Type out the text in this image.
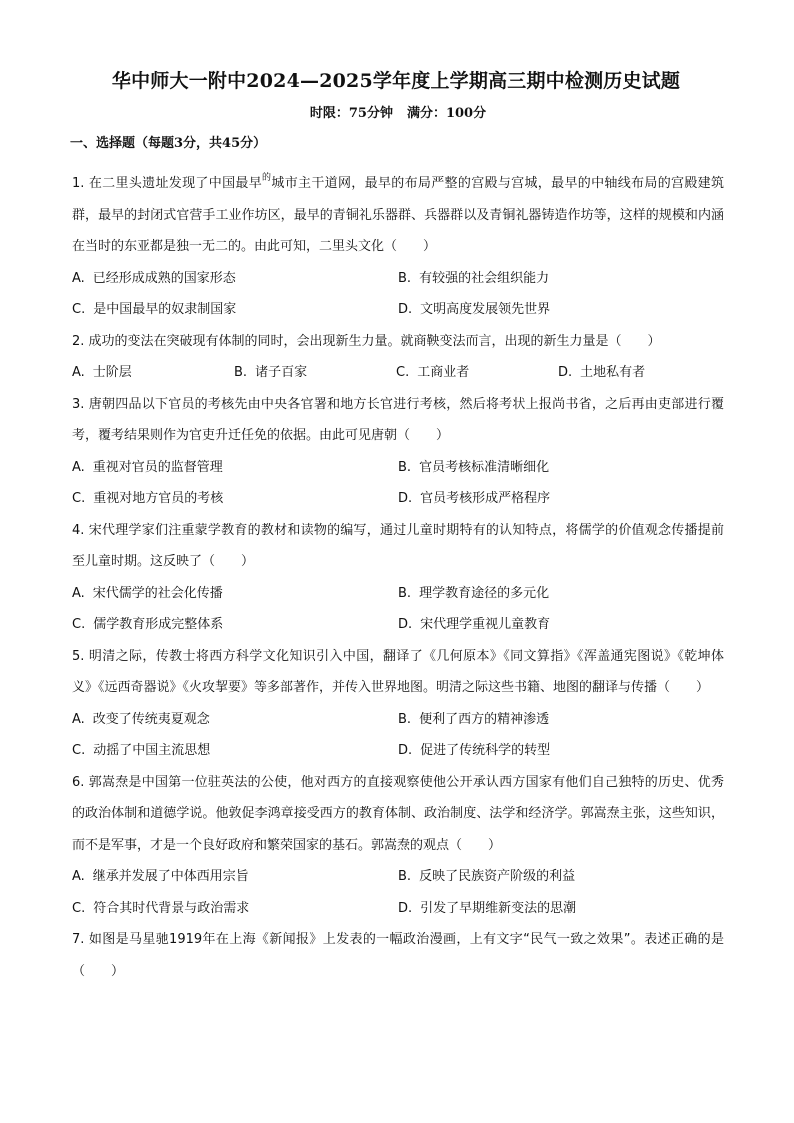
华中师大一附中2024—2025学年度上学期高三期中检测历史试题
时限：75分钟 满分：100分
一、选择题（每题3分，共45分）

1. 在二里头遗址发现了中国最早$^的$城市主干道网，最早的布局严整的宫殿与宫城，最早的中轴线布局的宫殿建筑群，最早的封闭式官营手工业作坊区，最早的青铜礼乐器群、兵器群以及青铜礼器铸造作坊等，这样的规模和内涵在当时的东亚都是独一无二的。由此可知，二里头文化（　　）

A. 已经形成成熟的国家形态	B. 有较强的社会组织能力
C. 是中国最早的奴隶制国家	D. 文明高度发展领先世界

2. 成功的变法在突破现有体制的同时，会出现新生力量。就商鞅变法而言，出现的新生力量是（　　）

A. 士阶层	B. 诸子百家	C. 工商业者	D. 土地私有者

3. 唐朝四品以下官员的考核先由中央各官署和地方长官进行考核，然后将考状上报尚书省，之后再由吏部进行覆考，覆考结果则作为官吏升迁任免的依据。由此可见唐朝（　　）

A. 重视对官员的监督管理	B. 官员考核标准清晰细化
C. 重视对地方官员的考核	D. 官员考核形成严格程序

4. 宋代理学家们注重蒙学教育的教材和读物的编写，通过儿童时期特有的认知特点，将儒学的价值观念传播提前至儿童时期。这反映了（　　）

A. 宋代儒学的社会化传播	B. 理学教育途径的多元化
C. 儒学教育形成完整体系	D. 宋代理学重视儿童教育

5. 明清之际，传教士将西方科学文化知识引入中国，翻译了《几何原本》《同文算指》《浑盖通宪图说》《乾坤体义》《远西奇器说》《火攻挈要》等多部著作，并传入世界地图。明清之际这些书籍、地图的翻译与传播（　　）

A. 改变了传统夷夏观念	B. 便利了西方的精神渗透
C. 动摇了中国主流思想	D. 促进了传统科学的转型

6. 郭嵩焘是中国第一位驻英法的公使，他对西方的直接观察使他公开承认西方国家有他们自己独特的历史、优秀的政治体制和道德学说。他敦促李鸿章接受西方的教育体制、政治制度、法学和经济学。郭嵩焘主张，这些知识，而不是军事，才是一个良好政府和繁荣国家的基石。郭嵩焘的观点（　　）

A. 继承并发展了中体西用宗旨	B. 反映了民族资产阶级的利益
C. 符合其时代背景与政治需求	D. 引发了早期维新变法的思潮

7. 如图是马星驰1919年在上海《新闻报》上发表的一幅政治漫画，上有文字“民气一致之效果”。表述正确的是（　　）
